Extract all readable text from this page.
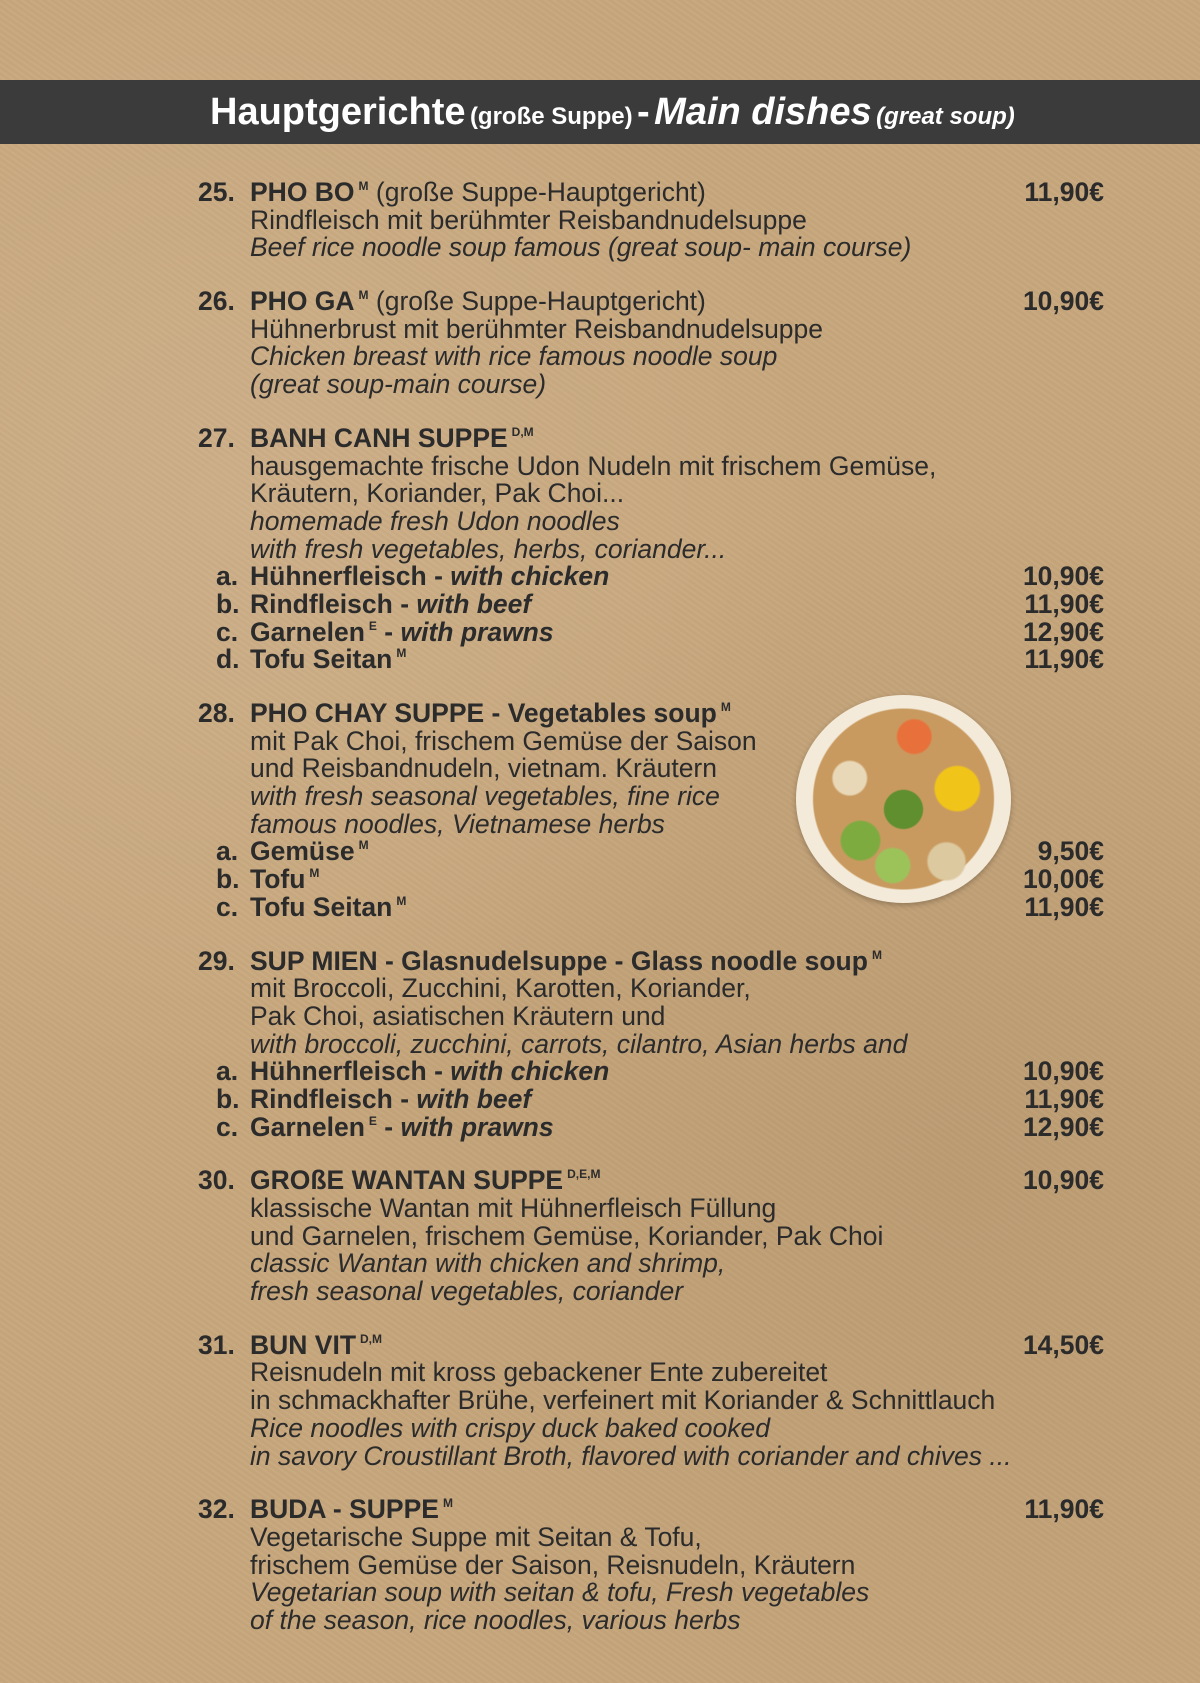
Hauptgerichte (große Suppe) - Main dishes (great soup)
25. PHO BO $^M$ (große Suppe-Hauptgericht)	11,90€
Rindfleisch mit berühmter Reisbandnudelsuppe
Beef rice noodle soup famous (great soup- main course)
26. PHO GA $^M$ (große Suppe-Hauptgericht)	10,90€
Hühnerbrust mit berühmter Reisbandnudelsuppe
Chicken breast with rice famous noodle soup
(great soup-main course)
27. BANH CANH SUPPE $^{D,M}$
hausgemachte frische Udon Nudeln mit frischem Gemüse,
Kräutern, Koriander, Pak Choi...
homemade fresh Udon noodles
with fresh vegetables, herbs, coriander...
a. Hühnerfleisch - with chicken	10,90€
b. Rindfleisch - with beef	11,90€
c. Garnelen $^E$ - with prawns	12,90€
d. Tofu Seitan $^M$	11,90€
28. PHO CHAY SUPPE - Vegetables soup $^M$
mit Pak Choi, frischem Gemüse der Saison
und Reisbandnudeln, vietnam. Kräutern
with fresh seasonal vegetables, fine rice
famous noodles, Vietnamese herbs
a. Gemüse $^M$	9,50€
b. Tofu $^M$	10,00€
c. Tofu Seitan $^M$	11,90€
29. SUP MIEN - Glasnudelsuppe - Glass noodle soup $^M$
mit Broccoli, Zucchini, Karotten, Koriander,
Pak Choi, asiatischen Kräutern und
with broccoli, zucchini, carrots, cilantro, Asian herbs and
a. Hühnerfleisch - with chicken	10,90€
b. Rindfleisch - with beef	11,90€
c. Garnelen $^E$ - with prawns	12,90€
30. GROßE WANTAN SUPPE $^{D,E,M}$	10,90€
klassische Wantan mit Hühnerfleisch Füllung
und Garnelen, frischem Gemüse, Koriander, Pak Choi
classic Wantan with chicken and shrimp,
fresh seasonal vegetables, coriander
31. BUN VIT $^{D,M}$	14,50€
Reisnudeln mit kross gebackener Ente zubereitet
in schmackhafter Brühe, verfeinert mit Koriander & Schnittlauch
Rice noodles with crispy duck baked cooked
in savory Croustillant Broth, flavored with coriander and chives ...
32. BUDA - SUPPE $^M$	11,90€
Vegetarische Suppe mit Seitan & Tofu,
frischem Gemüse der Saison, Reisnudeln, Kräutern
Vegetarian soup with seitan & tofu, Fresh vegetables
of the season, rice noodles, various herbs
